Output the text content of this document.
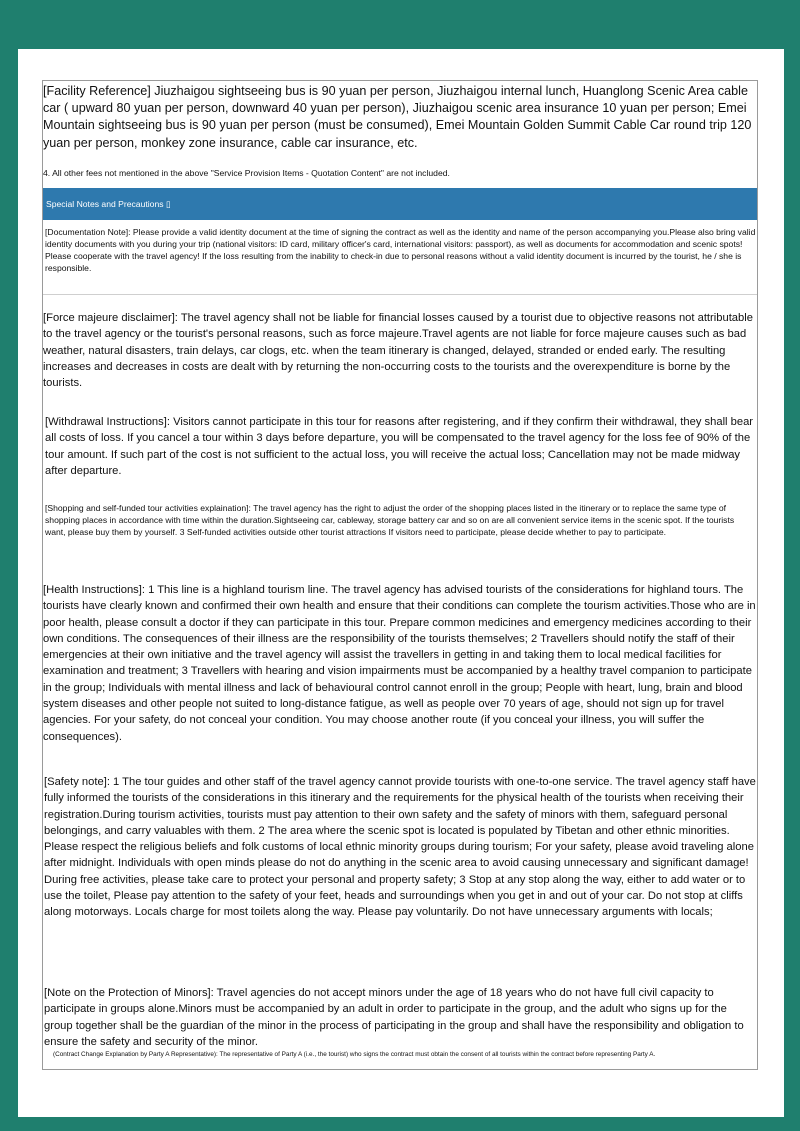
[Facility Reference] Jiuzhaigou sightseeing bus is 90 yuan per person, Jiuzhaigou internal lunch, Huanglong Scenic Area cable car ( upward 80 yuan per person, downward 40 yuan per person), Jiuzhaigou scenic area insurance 10 yuan per person; Emei Mountain sightseeing bus is 90 yuan per person (must be consumed), Emei Mountain Golden Summit Cable Car round trip 120 yuan per person, monkey zone insurance, cable car insurance, etc.

4. All other fees not mentioned in the above "Service Provision Items - Quotation Content" are not included.

Special Notes and Precautions ▯

[Documentation Note]: Please provide a valid identity document at the time of signing the contract as well as the identity and name of the person accompanying you.Please also bring valid identity documents with you during your trip (national visitors: ID card, military officer's card, international visitors: passport), as well as documents for accommodation and scenic spots! Please cooperate with the travel agency! If the loss resulting from the inability to check-in due to personal reasons without a valid identity document is incurred by the tourist, he / she is responsible.

[Force majeure disclaimer]: The travel agency shall not be liable for financial losses caused by a tourist due to objective reasons not attributable to the travel agency or the tourist's personal reasons, such as force majeure.Travel agents are not liable for force majeure causes such as bad weather, natural disasters, train delays, car clogs, etc. when the team itinerary is changed, delayed, stranded or ended early. The resulting increases and decreases in costs are dealt with by returning the non-occurring costs to the tourists and the overexpenditure is borne by the tourists.

[Withdrawal Instructions]: Visitors cannot participate in this tour for reasons after registering, and if they confirm their withdrawal, they shall bear all costs of loss. If you cancel a tour within 3 days before departure, you will be compensated to the travel agency for the loss fee of 90% of the tour amount. If such part of the cost is not sufficient to the actual loss, you will receive the actual loss; Cancellation may not be made midway after departure.

[Shopping and self-funded tour activities explaination]: The travel agency has the right to adjust the order of the shopping places listed in the itinerary or to replace the same type of shopping places in accordance with time within the duration.Sightseeing car, cableway, storage battery car and so on are all convenient service items in the scenic spot. If the tourists want, please buy them by yourself. 3 Self-funded activities outside other tourist attractions If visitors need to participate, please decide whether to pay to participate.

[Health Instructions]: 1 This line is a highland tourism line. The travel agency has advised tourists of the considerations for highland tours. The tourists have clearly known and confirmed their own health and ensure that their conditions can complete the tourism activities.Those who are in poor health, please consult a doctor if they can participate in this tour. Prepare common medicines and emergency medicines according to their own conditions. The consequences of their illness are the responsibility of the tourists themselves; 2 Travellers should notify the staff of their emergencies at their own initiative and the travel agency will assist the travellers in getting in and taking them to local medical facilities for examination and treatment; 3 Travellers with hearing and vision impairments must be accompanied by a healthy travel companion to participate in the group; Individuals with mental illness and lack of behavioural control cannot enroll in the group; People with heart, lung, brain and blood system diseases and other people not suited to long-distance fatigue, as well as people over 70 years of age, should not sign up for travel agencies. For your safety, do not conceal your condition. You may choose another route (if you conceal your illness, you will suffer the consequences).

[Safety note]: 1 The tour guides and other staff of the travel agency cannot provide tourists with one-to-one service. The travel agency staff have fully informed the tourists of the considerations in this itinerary and the requirements for the physical health of the tourists when receiving their registration.During tourism activities, tourists must pay attention to their own safety and the safety of minors with them, safeguard personal belongings, and carry valuables with them. 2 The area where the scenic spot is located is populated by Tibetan and other ethnic minorities. Please respect the religious beliefs and folk customs of local ethnic minority groups during tourism; For your safety, please avoid traveling alone after midnight. Individuals with open minds please do not do anything in the scenic area to avoid causing unnecessary and significant damage! During free activities, please take care to protect your personal and property safety; 3 Stop at any stop along the way, either to add water or to use the toilet, Please pay attention to the safety of your feet, heads and surroundings when you get in and out of your car. Do not stop at cliffs along motorways. Locals charge for most toilets along the way. Please pay voluntarily. Do not have unnecessary arguments with locals;

[Note on the Protection of Minors]: Travel agencies do not accept minors under the age of 18 years who do not have full civil capacity to participate in groups alone.Minors must be accompanied by an adult in order to participate in the group, and the adult who signs up for the group together shall be the guardian of the minor in the process of participating in the group and shall have the responsibility and obligation to ensure the safety and security of the minor.

(Contract Change Explanation by Party A Representative): The representative of Party A (i.e., the tourist) who signs the contract must obtain the consent of all tourists within the contract before representing Party A.
